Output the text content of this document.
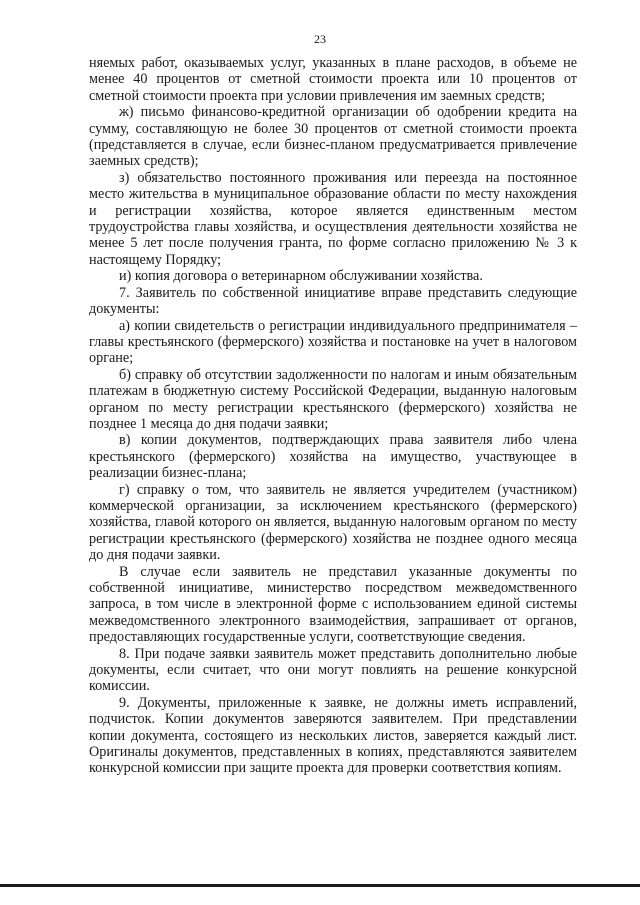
23

няемых работ, оказываемых услуг, указанных в плане расходов, в объеме не менее 40 процентов от сметной стоимости проекта или 10 процентов от сметной стоимости проекта при условии привлечения им заемных средств;

ж) письмо финансово-кредитной организации об одобрении кредита на сумму, составляющую не более 30 процентов от сметной стоимости проекта (представляется в случае, если бизнес-планом предусматривается привлечение заемных средств);

з) обязательство постоянного проживания или переезда на постоянное место жительства в муниципальное образование области по месту нахождения и регистрации хозяйства, которое является единственным местом трудоустройства главы хозяйства, и осуществления деятельности хозяйства не менее 5 лет после получения гранта, по форме согласно приложению № 3 к настоящему Порядку;

и) копия договора о ветеринарном обслуживании хозяйства.

7. Заявитель по собственной инициативе вправе представить следующие документы:

а) копии свидетельств о регистрации индивидуального предпринимателя – главы крестьянского (фермерского) хозяйства и постановке на учет в налоговом органе;

б) справку об отсутствии задолженности по налогам и иным обязательным платежам в бюджетную систему Российской Федерации, выданную налоговым органом по месту регистрации крестьянского (фермерского) хозяйства не позднее 1 месяца до дня подачи заявки;

в) копии документов, подтверждающих права заявителя либо члена крестьянского (фермерского) хозяйства на имущество, участвующее в реализации бизнес-плана;

г) справку о том, что заявитель не является учредителем (участником) коммерческой организации, за исключением крестьянского (фермерского) хозяйства, главой которого он является, выданную налоговым органом по месту регистрации крестьянского (фермерского) хозяйства не позднее одного месяца до дня подачи заявки.

В случае если заявитель не представил указанные документы по собственной инициативе, министерство посредством межведомственного запроса, в том числе в электронной форме с использованием единой системы межведомственного электронного взаимодействия, запрашивает от органов, предоставляющих государственные услуги, соответствующие сведения.

8. При подаче заявки заявитель может представить дополнительно любые документы, если считает, что они могут повлиять на решение конкурсной комиссии.

9. Документы, приложенные к заявке, не должны иметь исправлений, подчисток. Копии документов заверяются заявителем. При представлении копии документа, состоящего из нескольких листов, заверяется каждый лист. Оригиналы документов, представленных в копиях, представляются заявителем конкурсной комиссии при защите проекта для проверки соответствия копиям.
